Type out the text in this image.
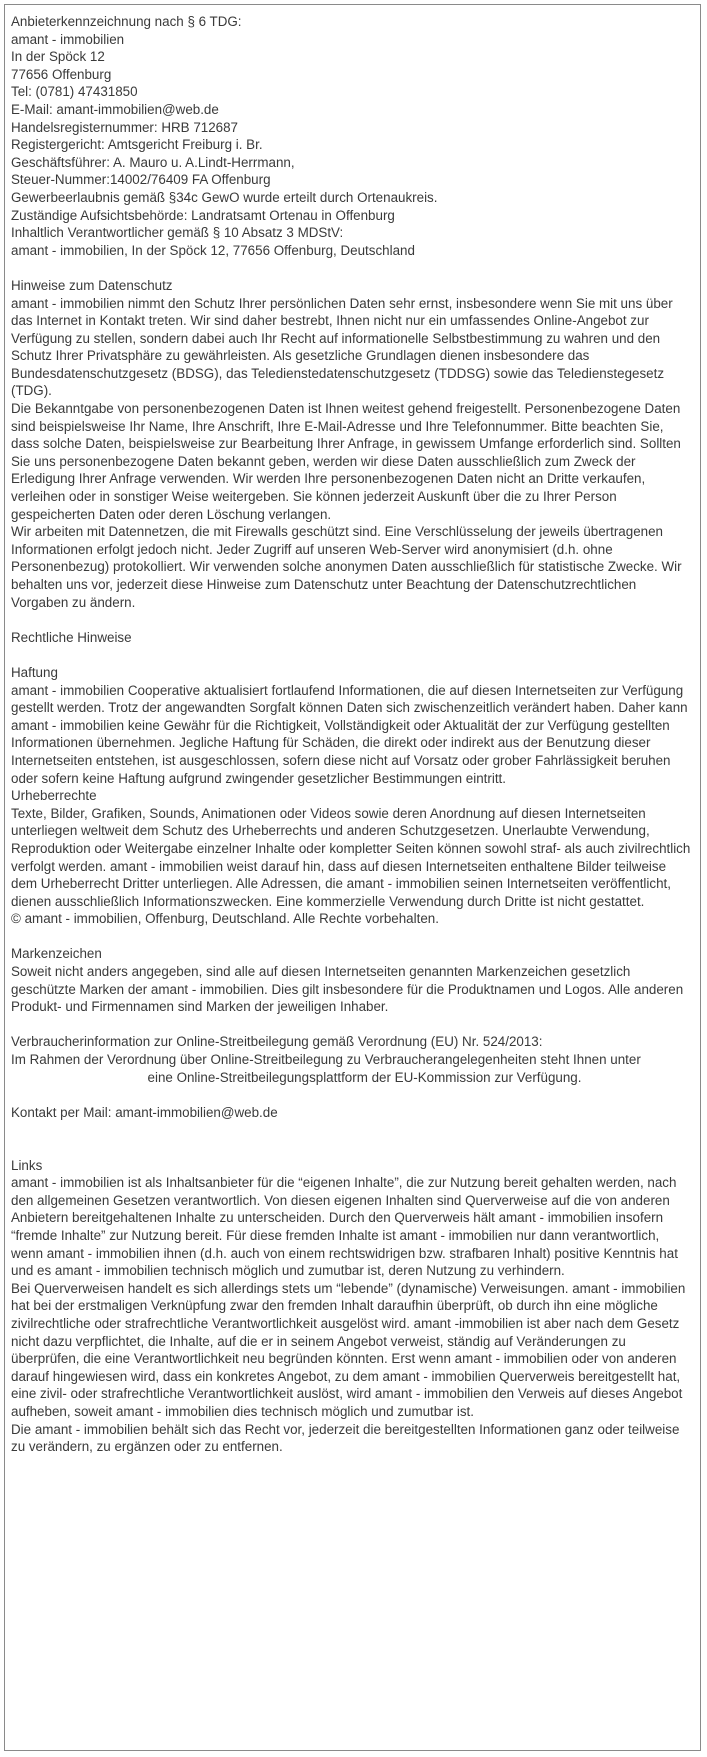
Anbieterkennzeichnung nach § 6 TDG:
amant - immobilien
In der Spöck 12
77656 Offenburg
Tel: (0781) 47431850
E-Mail: amant-immobilien@web.de
Handelsregisternummer: HRB 712687
Registergericht: Amtsgericht Freiburg i. Br.
Geschäftsführer: A. Mauro u. A.Lindt-Herrmann,
Steuer-Nummer:14002/76409 FA Offenburg
Gewerbeerlaubnis gemäß §34c GewO wurde erteilt durch Ortenaukreis.
Zuständige Aufsichtsbehörde: Landratsamt Ortenau in Offenburg
Inhaltlich Verantwortlicher gemäß § 10 Absatz 3 MDStV:
amant - immobilien, In der Spöck 12, 77656 Offenburg, Deutschland
Hinweise zum Datenschutz

amant - immobilien nimmt den Schutz Ihrer persönlichen Daten sehr ernst, insbesondere wenn Sie mit uns über das Internet in Kontakt treten. Wir sind daher bestrebt, Ihnen nicht nur ein umfassendes Online-Angebot zur Verfügung zu stellen, sondern dabei auch Ihr Recht auf informationelle Selbstbestimmung zu wahren und den Schutz Ihrer Privatsphäre zu gewährleisten. Als gesetzliche Grundlagen dienen insbesondere das Bundesdatenschutzgesetz (BDSG), das Teledienstedatenschutzgesetz (TDDSG) sowie das Teledienstegesetz (TDG).

Die Bekanntgabe von personenbezogenen Daten ist Ihnen weitest gehend freigestellt. Personenbezogene Daten sind beispielsweise Ihr Name, Ihre Anschrift, Ihre E-Mail-Adresse und Ihre Telefonnummer. Bitte beachten Sie, dass solche Daten, beispielsweise zur Bearbeitung Ihrer Anfrage, in gewissem Umfange erforderlich sind. Sollten Sie uns personenbezogene Daten bekannt geben, werden wir diese Daten ausschließlich zum Zweck der Erledigung Ihrer Anfrage verwenden. Wir werden Ihre personenbezogenen Daten nicht an Dritte verkaufen, verleihen oder in sonstiger Weise weitergeben. Sie können jederzeit Auskunft über die zu Ihrer Person gespeicherten Daten oder deren Löschung verlangen.

Wir arbeiten mit Datennetzen, die mit Firewalls geschützt sind. Eine Verschlüsselung der jeweils übertragenen Informationen erfolgt jedoch nicht. Jeder Zugriff auf unseren Web-Server wird anonymisiert (d.h. ohne Personenbezug) protokolliert. Wir verwenden solche anonymen Daten ausschließlich für statistische Zwecke. Wir behalten uns vor, jederzeit diese Hinweise zum Datenschutz unter Beachtung der Datenschutzrechtlichen Vorgaben zu ändern.

Rechtliche Hinweise
Haftung

amant - immobilien Cooperative aktualisiert fortlaufend Informationen, die auf diesen Internetseiten zur Verfügung gestellt werden. Trotz der angewandten Sorgfalt können Daten sich zwischenzeitlich verändert haben. Daher kann amant - immobilien keine Gewähr für die Richtigkeit, Vollständigkeit oder Aktualität der zur Verfügung gestellten Informationen übernehmen. Jegliche Haftung für Schäden, die direkt oder indirekt aus der Benutzung dieser Internetseiten entstehen, ist ausgeschlossen, sofern diese nicht auf Vorsatz oder grober Fahrlässigkeit beruhen oder sofern keine Haftung aufgrund zwingender gesetzlicher Bestimmungen eintritt.

Urheberrechte

Texte, Bilder, Grafiken, Sounds, Animationen oder Videos sowie deren Anordnung auf diesen Internetseiten unterliegen weltweit dem Schutz des Urheberrechts und anderen Schutzgesetzen. Unerlaubte Verwendung, Reproduktion oder Weitergabe einzelner Inhalte oder kompletter Seiten können sowohl straf- als auch zivilrechtlich verfolgt werden. amant - immobilien weist darauf hin, dass auf diesen Internetseiten enthaltene Bilder teilweise dem Urheberrecht Dritter unterliegen. Alle Adressen, die amant - immobilien seinen Internetseiten veröffentlicht, dienen ausschließlich Informationszwecken. Eine kommerzielle Verwendung durch Dritte ist nicht gestattet.

© amant - immobilien, Offenburg, Deutschland. Alle Rechte vorbehalten.
Markenzeichen

Soweit nicht anders angegeben, sind alle auf diesen Internetseiten genannten Markenzeichen gesetzlich geschützte Marken der amant - immobilien. Dies gilt insbesondere für die Produktnamen und Logos. Alle anderen Produkt- und Firmennamen sind Marken der jeweiligen Inhaber.

Verbraucherinformation zur Online-Streitbeilegung gemäß Verordnung (EU) Nr. 524/2013:
Im Rahmen der Verordnung über Online-Streitbeilegung zu Verbraucherangelegenheiten steht Ihnen unter
eine Online-Streitbeilegungsplattform der EU-Kommission zur Verfügung.
Kontakt per Mail: amant-immobilien@web.de
Links

amant - immobilien ist als Inhaltsanbieter für die “eigenen Inhalte”, die zur Nutzung bereit gehalten werden, nach den allgemeinen Gesetzen verantwortlich. Von diesen eigenen Inhalten sind Querverweise auf die von anderen Anbietern bereitgehaltenen Inhalte zu unterscheiden. Durch den Querverweis hält amant - immobilien insofern “fremde Inhalte” zur Nutzung bereit. Für diese fremden Inhalte ist amant - immobilien nur dann verantwortlich, wenn amant - immobilien ihnen (d.h. auch von einem rechtswidrigen bzw. strafbaren Inhalt) positive Kenntnis hat und es amant - immobilien technisch möglich und zumutbar ist, deren Nutzung zu verhindern.

Bei Querverweisen handelt es sich allerdings stets um “lebende” (dynamische) Verweisungen. amant - immobilien hat bei der erstmaligen Verknüpfung zwar den fremden Inhalt daraufhin überprüft, ob durch ihn eine mögliche zivilrechtliche oder strafrechtliche Verantwortlichkeit ausgelöst wird. amant -immobilien ist aber nach dem Gesetz nicht dazu verpflichtet, die Inhalte, auf die er in seinem Angebot verweist, ständig auf Veränderungen zu überprüfen, die eine Verantwortlichkeit neu begründen könnten. Erst wenn amant - immobilien oder von anderen darauf hingewiesen wird, dass ein konkretes Angebot, zu dem amant - immobilien Querverweis bereitgestellt hat, eine zivil- oder strafrechtliche Verantwortlichkeit auslöst, wird amant - immobilien den Verweis auf dieses Angebot aufheben, soweit amant - immobilien dies technisch möglich und zumutbar ist.

Die amant - immobilien behält sich das Recht vor, jederzeit die bereitgestellten Informationen ganz oder teilweise zu verändern, zu ergänzen oder zu entfernen.
